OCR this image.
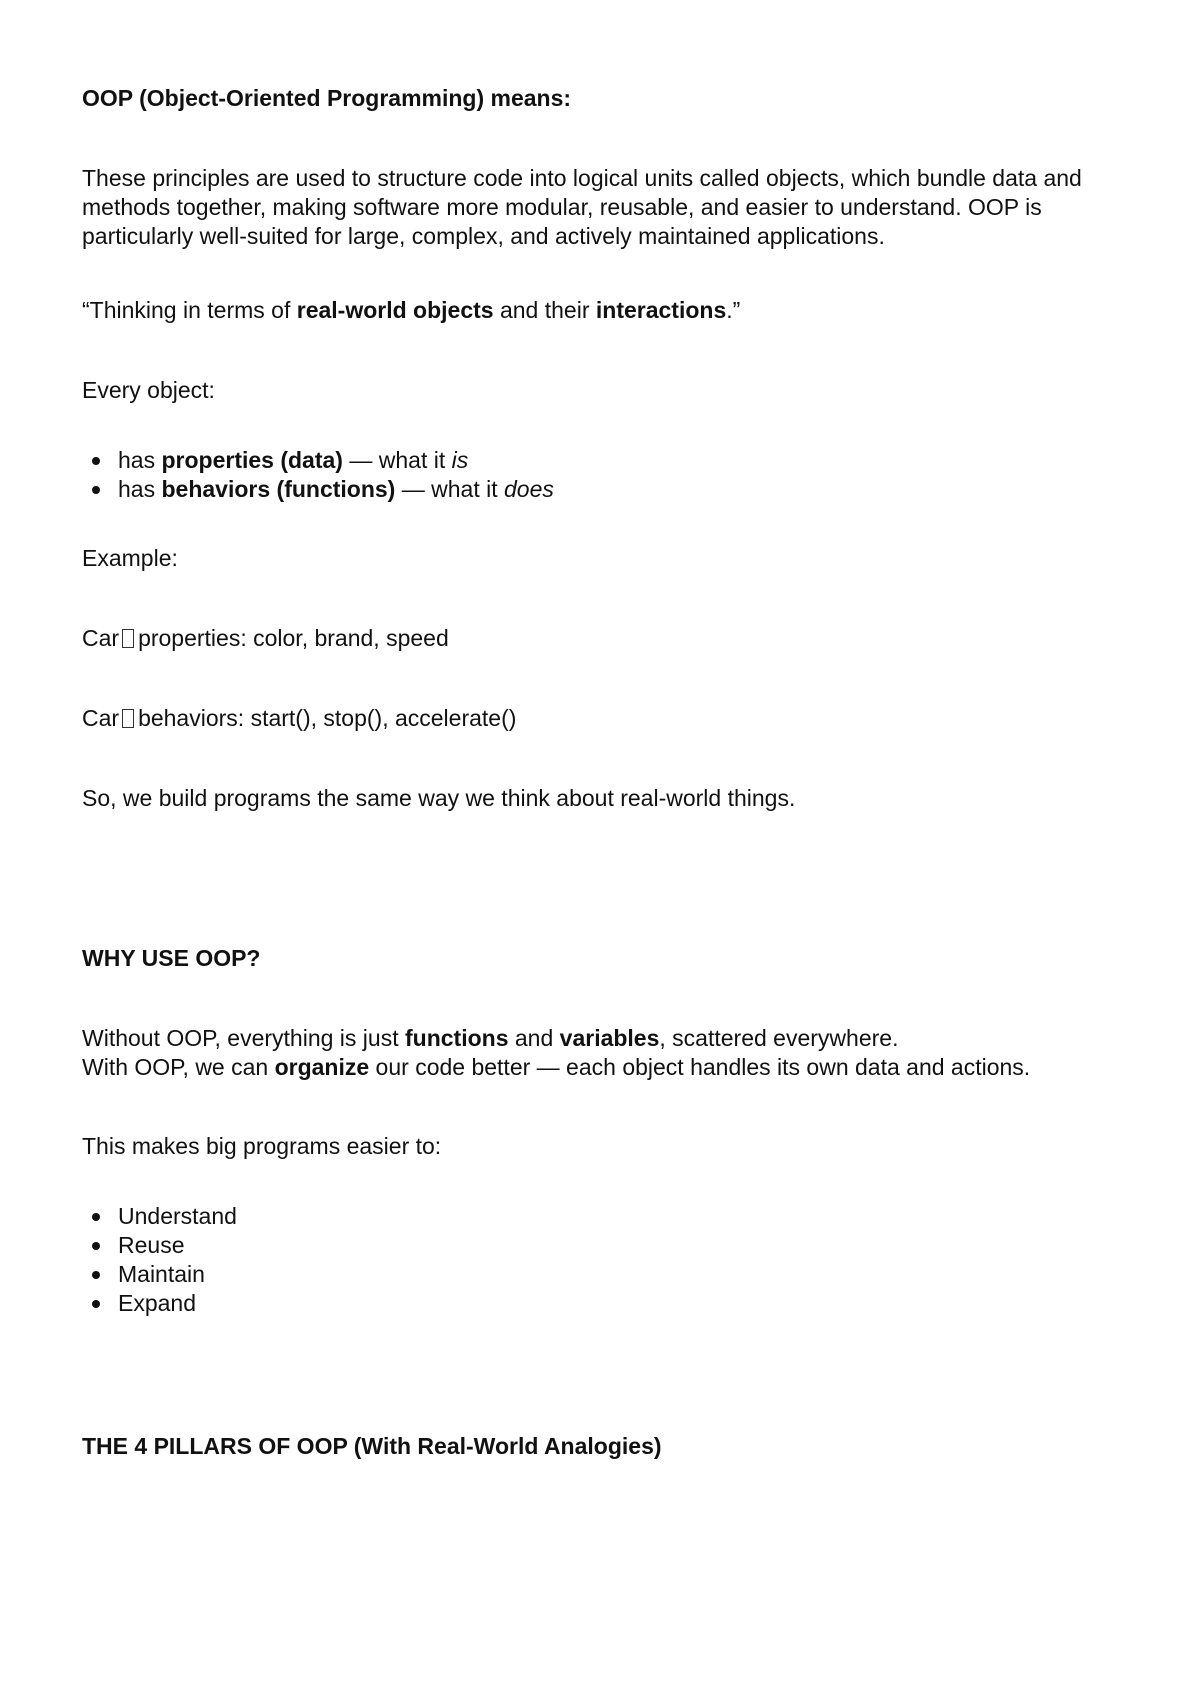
OOP (Object-Oriented Programming) means:

These principles are used to structure code into logical units called objects, which bundle data and methods together, making software more modular, reusable, and easier to understand. OOP is particularly well-suited for large, complex, and actively maintained applications.

“Thinking in terms of real-world objects and their interactions.”

Every object:

has properties (data) — what it is
has behaviors (functions) — what it does

Example:

Car properties: color, brand, speed

Car behaviors: start(), stop(), accelerate()

So, we build programs the same way we think about real-world things.

WHY USE OOP?

Without OOP, everything is just functions and variables, scattered everywhere.
With OOP, we can organize our code better — each object handles its own data and actions.

This makes big programs easier to:

Understand
Reuse
Maintain
Expand

THE 4 PILLARS OF OOP (With Real-World Analogies)
